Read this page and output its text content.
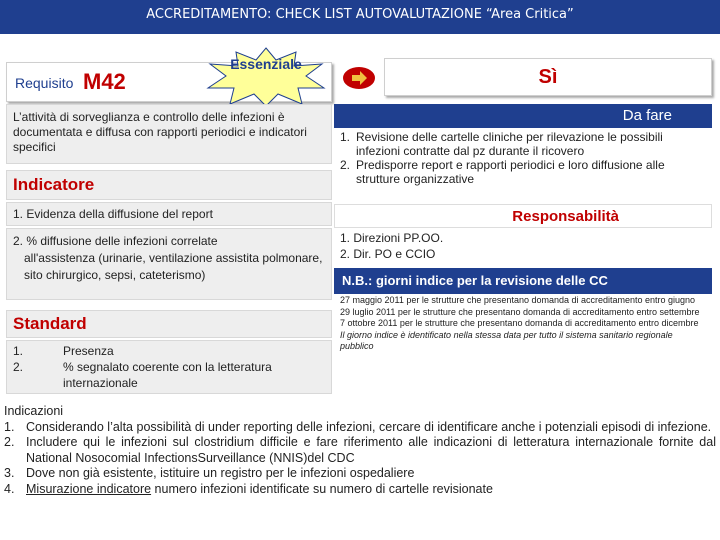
ACCREDITAMENTO: CHECK LIST AUTOVALUTAZIONE “Area Critica”
Requisito M42
Essenziale
L’attività di sorveglianza e controllo delle infezioni è documentata e diffusa con rapporti periodici e indicatori specifici
Indicatore
1. Evidenza della diffusione del report
2. % diffusione delle infezioni correlate
all'assistenza (urinarie, ventilazione assistita polmonare, sito chirurgico, sepsi, cateterismo)
Standard
1.	Presenza
2.	% segnalato coerente con la letteratura internazionale
Sì
Da fare
1. Revisione delle cartelle cliniche per rilevazione le possibili infezioni contratte dal pz durante il ricovero
2. Predisporre report e rapporti periodici e loro diffusione alle strutture organizzative
Responsabilità
1. Direzioni PP.OO.
2. Dir. PO e CCIO
N.B.: giorni indice per la revisione delle CC
27 maggio 2011 per le strutture che presentano domanda di accreditamento entro giugno
29 luglio 2011 per le strutture che presentano domanda di accreditamento entro settembre
7 ottobre 2011 per le strutture che presentano domanda di accreditamento entro dicembre
Il giorno indice è identificato nella stessa data per tutto il sistema sanitario regionale pubblico
Indicazioni
1. Considerando l’alta possibilità di under reporting delle infezioni, cercare di identificare anche i potenziali episodi di infezione.
2. Includere qui le infezioni sul clostridium difficile e fare riferimento alle indicazioni di letteratura internazionale fornite dal National Nosocomial InfectionsSurveillance (NNIS)del CDC
3. Dove non già esistente, istituire un registro per le infezioni ospedaliere
4. Misurazione indicatore numero infezioni identificate su numero di cartelle revisionate
